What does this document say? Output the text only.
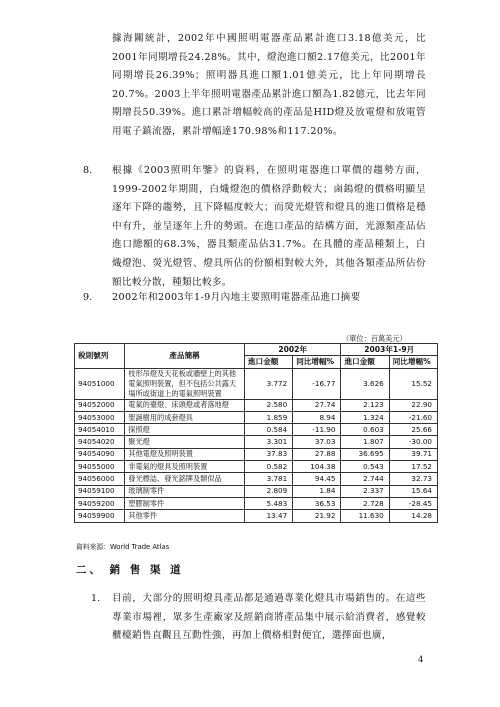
據海關統計，2002年中國照明電器產品累計進口3.18億美元，比2001年同期增長24.28%。其中，燈泡進口額2.17億美元，比2001年同期增長26.39%；照明器具進口額1.01億美元，比上年同期增長20.7%。2003上半年照明電器產品累計進口額為1.82億元，比去年同期增長50.39%。進口累計增幅較高的產品是HID燈及放電燈和放電管用電子鎮流器，累計增幅達170.98%和117.20%。
8. 根據《2003照明年鑒》的資料，在照明電器進口單價的趨勢方面，1999-2002年期間，白熾燈泡的價格浮動較大；鹵鎢燈的價格明顯呈逐年下降的趨勢，且下降幅度較大；而熒光燈管和燈具的進口價格是穩中有升，並呈逐年上升的勢頭。在進口產品的結構方面，光源類產品佔進口總額的68.3%，器具類產品佔31.7%。在具體的產品種類上，白熾燈泡、熒光燈管、燈具所佔的份額相對較大外，其他各類產品所佔份額比較分散，種類比較多。
9. 2002年和2003年1-9月內地主要照明電器產品進口摘要
（單位：百萬美元）
稅則號列	產品簡稱	2002年		2003年1-9月	
		進口金額	同比增幅%	進口金額	同比增幅%
94051000	枝形吊燈及天花板或牆壁上的其他電氣照明裝置，但不包括公共露天場所或街道上的電氣照明裝置	3.772	-16.77	3.626	15.52
94052000	電氣的臺燈、床頭燈或者落地燈	2.580	27.74	2.123	22.90
94053000	聖誕樹用的成套燈具	1.859	8.94	1.324	-21.60
94054010	探照燈	0.584	-11.90	0.603	25.66
94054020	聚光燈	3.301	37.03	1.807	-30.00
94054090	其他電燈及照明裝置	37.83	27.88	36.695	39.71
94055000	非電氣的燈具及照明裝置	0.582	104.38	0.543	17.52
94056000	發光標誌、發光銘牌及類似品	3.781	94.45	2.744	32.73
94059100	玻璃制零件	2.809	1.84	2.337	15.64
94059200	塑膠制零件	5.483	36.53	2.728	-28.45
94059900	其他零件	13.47	21.92	11.630	14.28
資料來源：World Trade Atlas
二、 銷 售 渠 道
1. 目前，大部分的照明燈具產品都是通過專業化燈具市場銷售的。在這些專業市場裡，眾多生產廠家及經銷商將產品集中展示給消費者，感覺較櫃檯銷售直觀且互動性強，再加上價格相對便宜，選擇面也廣，
4
